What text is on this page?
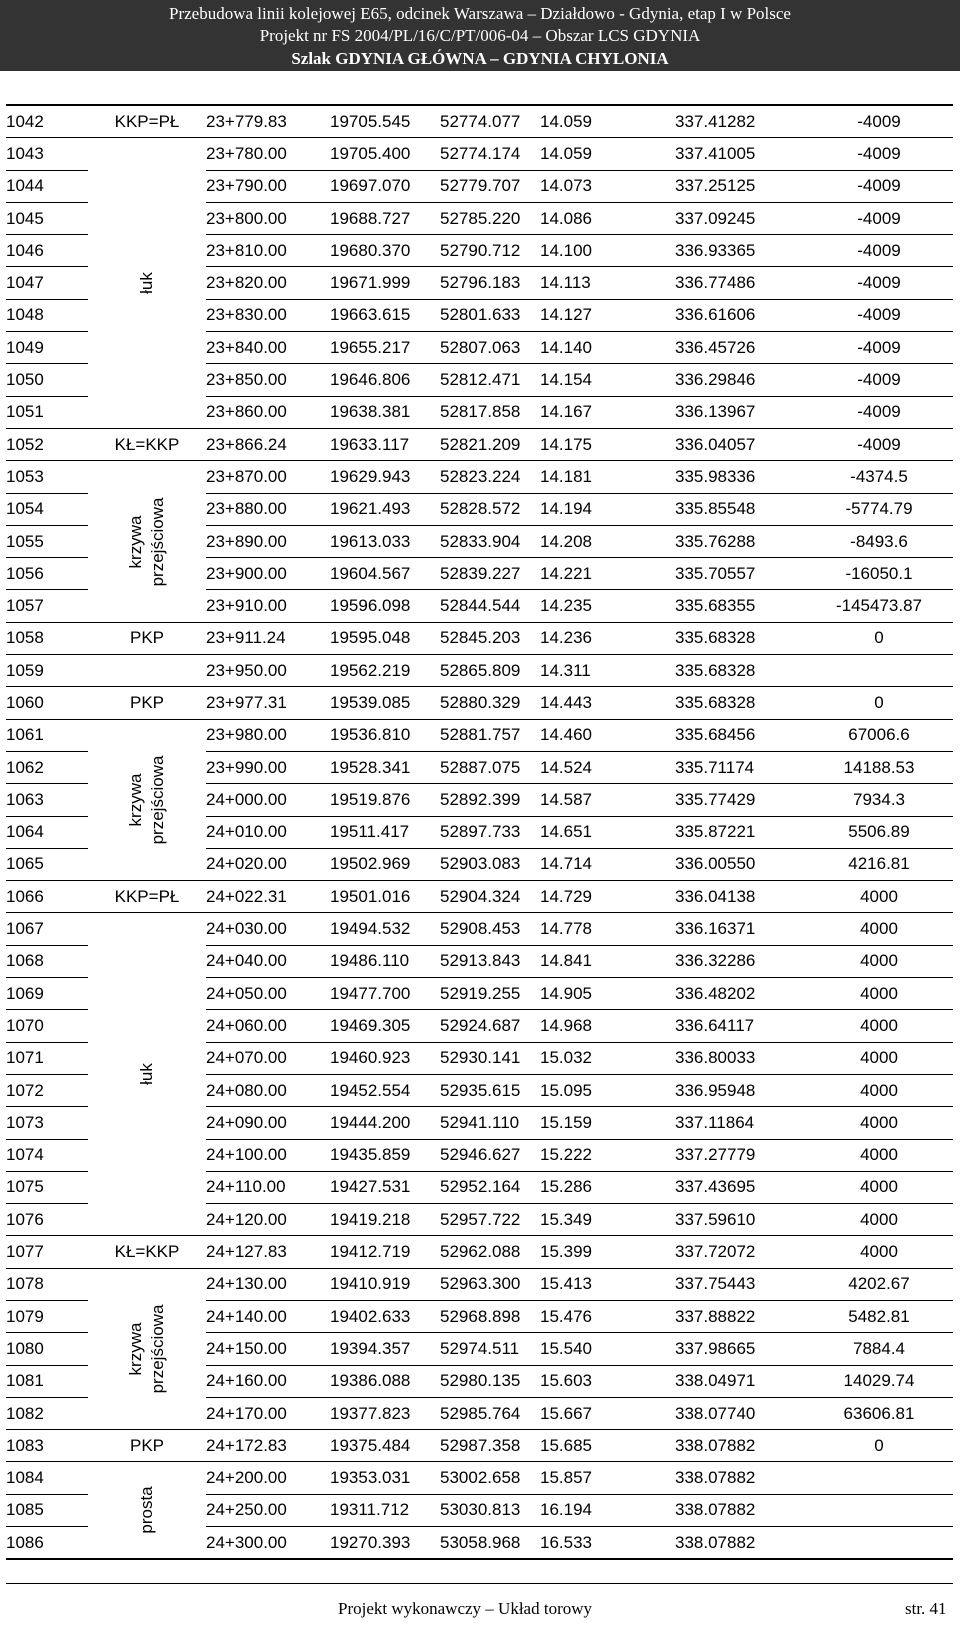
Przebudowa linii kolejowej E65, odcinek Warszawa – Działdowo - Gdynia, etap I w Polsce
Projekt nr FS 2004/PL/16/C/PT/006-04 – Obszar LCS GDYNIA
Szlak GDYNIA GŁÓWNA – GDYNIA CHYLONIA
1042	KKP=PŁ	23+779.83	19705.545	52774.077	14.059	337.41282	-4009
1043	łuk	23+780.00	19705.400	52774.174	14.059	337.41005	-4009
1044		23+790.00	19697.070	52779.707	14.073	337.25125	-4009
1045		23+800.00	19688.727	52785.220	14.086	337.09245	-4009
1046		23+810.00	19680.370	52790.712	14.100	336.93365	-4009
1047		23+820.00	19671.999	52796.183	14.113	336.77486	-4009
1048		23+830.00	19663.615	52801.633	14.127	336.61606	-4009
1049		23+840.00	19655.217	52807.063	14.140	336.45726	-4009
1050		23+850.00	19646.806	52812.471	14.154	336.29846	-4009
1051		23+860.00	19638.381	52817.858	14.167	336.13967	-4009
1052	KŁ=KKP	23+866.24	19633.117	52821.209	14.175	336.04057	-4009
1053	krzywa przejściowa	23+870.00	19629.943	52823.224	14.181	335.98336	-4374.5
1054		23+880.00	19621.493	52828.572	14.194	335.85548	-5774.79
1055		23+890.00	19613.033	52833.904	14.208	335.76288	-8493.6
1056		23+900.00	19604.567	52839.227	14.221	335.70557	-16050.1
1057		23+910.00	19596.098	52844.544	14.235	335.68355	-145473.87
1058	PKP	23+911.24	19595.048	52845.203	14.236	335.68328	0
1059		23+950.00	19562.219	52865.809	14.311	335.68328	
1060	PKP	23+977.31	19539.085	52880.329	14.443	335.68328	0
1061	krzywa przejściowa	23+980.00	19536.810	52881.757	14.460	335.68456	67006.6
1062		23+990.00	19528.341	52887.075	14.524	335.71174	14188.53
1063		24+000.00	19519.876	52892.399	14.587	335.77429	7934.3
1064		24+010.00	19511.417	52897.733	14.651	335.87221	5506.89
1065		24+020.00	19502.969	52903.083	14.714	336.00550	4216.81
1066	KKP=PŁ	24+022.31	19501.016	52904.324	14.729	336.04138	4000
1067	łuk	24+030.00	19494.532	52908.453	14.778	336.16371	4000
1068		24+040.00	19486.110	52913.843	14.841	336.32286	4000
1069		24+050.00	19477.700	52919.255	14.905	336.48202	4000
1070		24+060.00	19469.305	52924.687	14.968	336.64117	4000
1071		24+070.00	19460.923	52930.141	15.032	336.80033	4000
1072		24+080.00	19452.554	52935.615	15.095	336.95948	4000
1073		24+090.00	19444.200	52941.110	15.159	337.11864	4000
1074		24+100.00	19435.859	52946.627	15.222	337.27779	4000
1075		24+110.00	19427.531	52952.164	15.286	337.43695	4000
1076		24+120.00	19419.218	52957.722	15.349	337.59610	4000
1077	KŁ=KKP	24+127.83	19412.719	52962.088	15.399	337.72072	4000
1078	krzywa przejściowa	24+130.00	19410.919	52963.300	15.413	337.75443	4202.67
1079		24+140.00	19402.633	52968.898	15.476	337.88822	5482.81
1080		24+150.00	19394.357	52974.511	15.540	337.98665	7884.4
1081		24+160.00	19386.088	52980.135	15.603	338.04971	14029.74
1082		24+170.00	19377.823	52985.764	15.667	338.07740	63606.81
1083	PKP	24+172.83	19375.484	52987.358	15.685	338.07882	0
1084	prosta	24+200.00	19353.031	53002.658	15.857	338.07882	
1085		24+250.00	19311.712	53030.813	16.194	338.07882	
1086		24+300.00	19270.393	53058.968	16.533	338.07882	
Projekt wykonawczy – Układ torowy	str. 41
